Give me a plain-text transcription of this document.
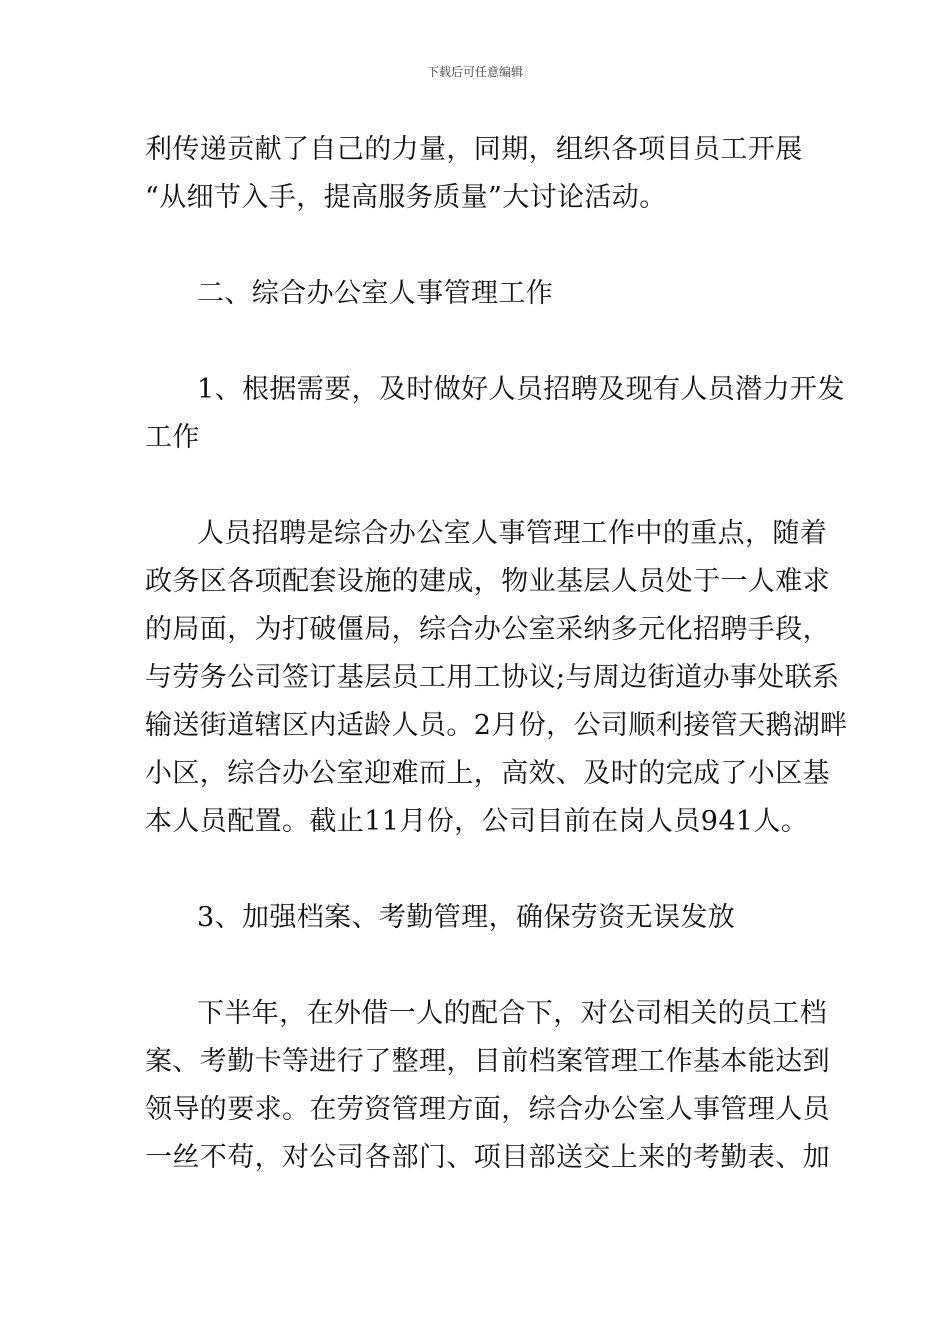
下载后可任意编辑
利传递贡献了自己的力量，同期，组织各项目员工开展
“从细节入手，提高服务质量”大讨论活动。
二、综合办公室人事管理工作
1、根据需要，及时做好人员招聘及现有人员潜力开发
工作
人员招聘是综合办公室人事管理工作中的重点，随着
政务区各项配套设施的建成，物业基层人员处于一人难求
的局面，为打破僵局，综合办公室采纳多元化招聘手段，
与劳务公司签订基层员工用工协议;与周边街道办事处联系
输送街道辖区内适龄人员。2月份，公司顺利接管天鹅湖畔
小区，综合办公室迎难而上，高效、及时的完成了小区基
本人员配置。截止11月份，公司目前在岗人员941人。
3、加强档案、考勤管理，确保劳资无误发放
下半年，在外借一人的配合下，对公司相关的员工档
案、考勤卡等进行了整理，目前档案管理工作基本能达到
领导的要求。在劳资管理方面，综合办公室人事管理人员
一丝不苟，对公司各部门、项目部送交上来的考勤表、加
